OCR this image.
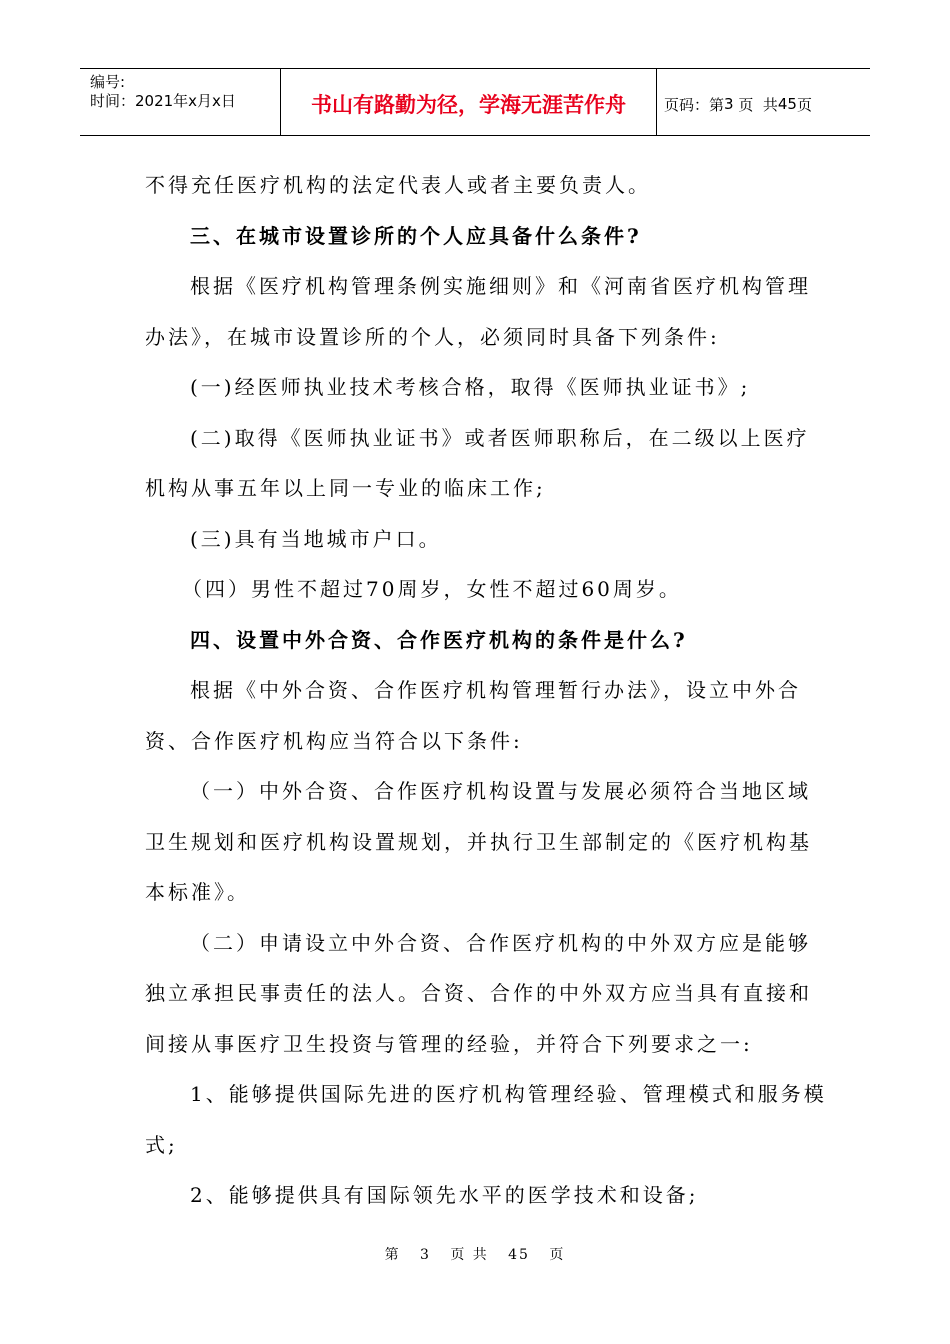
编号:
时间：2021年x月x日	书山有路勤为径，学海无涯苦作舟	页码：第 3
页  共 45 页

不得充任医疗机构的法定代表人或者主要负责人。

三、在城市设置诊所的个人应具备什么条件?

根据《医疗机构管理条例实施细则》和《河南省医疗机构管理

办法》，在城市设置诊所的个人，必须同时具备下列条件:

(一)经医师执业技术考核合格，取得《医师执业证书》;

(二)取得《医师执业证书》或者医师职称后，在二级以上医疗

机构从事五年以上同一专业的临床工作;

(三)具有当地城市户口。

（四）男性不超过70周岁，女性不超过60周岁。

四、设置中外合资、合作医疗机构的条件是什么?

根据《中外合资、合作医疗机构管理暂行办法》，设立中外合

资、合作医疗机构应当符合以下条件:

（一）中外合资、合作医疗机构设置与发展必须符合当地区域

卫生规划和医疗机构设置规划，并执行卫生部制定的《医疗机构基

本标准》。

（二）申请设立中外合资、合作医疗机构的中外双方应是能够

独立承担民事责任的法人。合资、合作的中外双方应当具有直接和

间接从事医疗卫生投资与管理的经验，并符合下列要求之一:

1、能够提供国际先进的医疗机构管理经验、管理模式和服务模

式;

2、能够提供具有国际领先水平的医学技术和设备;

第 3 页 共 45 页
